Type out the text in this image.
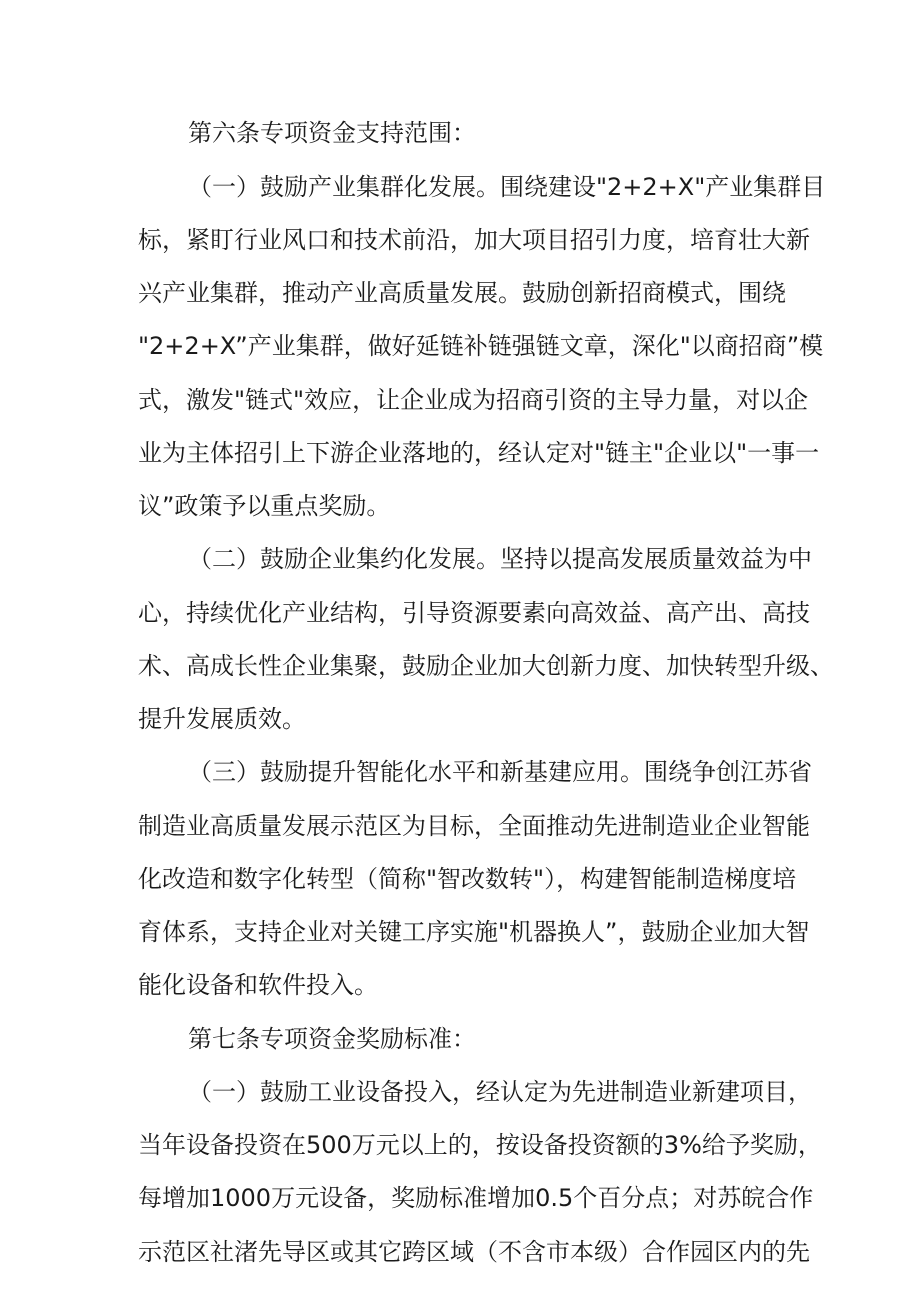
第六条专项资金支持范围：
（一）鼓励产业集群化发展。围绕建设"2+2+X"产业集群目
标，紧盯行业风口和技术前沿，加大项目招引力度，培育壮大新
兴产业集群，推动产业高质量发展。鼓励创新招商模式，围绕
"2+2+X”产业集群，做好延链补链强链文章，深化"以商招商”模
式，激发"链式"效应，让企业成为招商引资的主导力量，对以企
业为主体招引上下游企业落地的，经认定对"链主"企业以"一事一
议”政策予以重点奖励。
（二）鼓励企业集约化发展。坚持以提高发展质量效益为中
心，持续优化产业结构，引导资源要素向高效益、高产出、高技
术、高成长性企业集聚，鼓励企业加大创新力度、加快转型升级、
提升发展质效。
（三）鼓励提升智能化水平和新基建应用。围绕争创江苏省
制造业高质量发展示范区为目标，全面推动先进制造业企业智能
化改造和数字化转型（简称"智改数转"），构建智能制造梯度培
育体系，支持企业对关键工序实施"机器换人”，鼓励企业加大智
能化设备和软件投入。
第七条专项资金奖励标准：
（一）鼓励工业设备投入，经认定为先进制造业新建项目，
当年设备投资在500万元以上的，按设备投资额的3%给予奖励，
每增加1000万元设备，奖励标准增加0.5个百分点；对苏皖合作
示范区社渚先导区或其它跨区域（不含市本级）合作园区内的先
